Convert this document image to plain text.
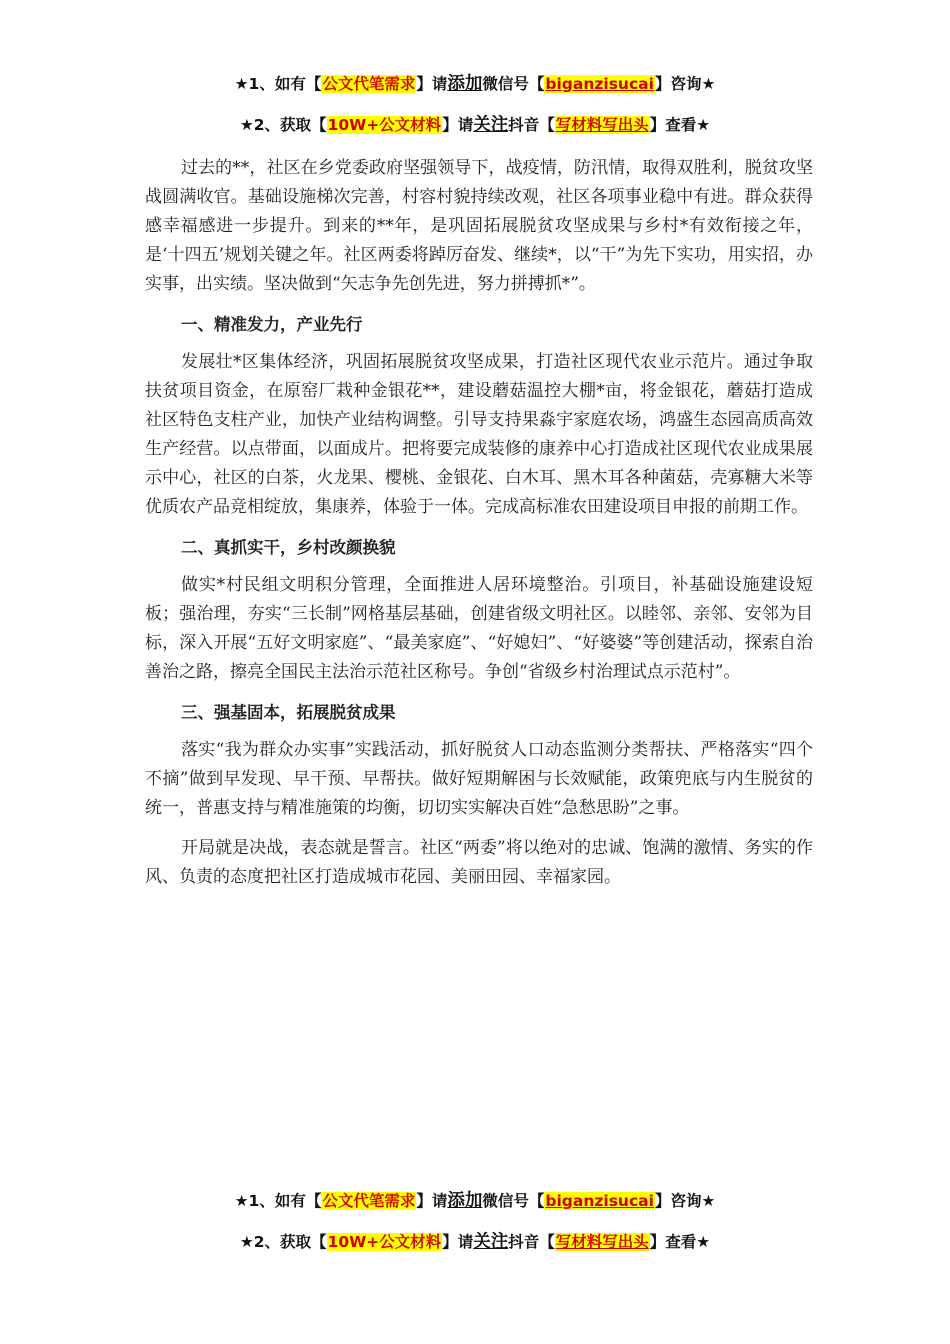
★1、如有【公文代笔需求】请添加微信号【biganzisucai】咨询★
★2、获取【10W+公文材料】请关注抖音【写材料写出头】查看★

过去的**，社区在乡党委政府坚强领导下，战疫情，防汛情，取得双胜利，脱贫攻坚战圆满收官。基础设施梯次完善，村容村貌持续改观，社区各项事业稳中有进。群众获得感幸福感进一步提升。到来的**年，是巩固拓展脱贫攻坚成果与乡村*有效衔接之年，是‘十四五’规划关键之年。社区两委将踔厉奋发、继续*，以“干”为先下实功，用实招，办实事，出实绩。坚决做到“矢志争先创先进，努力拼搏抓*”。

一、精准发力，产业先行

发展壮*区集体经济，巩固拓展脱贫攻坚成果，打造社区现代农业示范片。通过争取扶贫项目资金，在原窑厂栽种金银花**，建设蘑菇温控大棚*亩，将金银花，蘑菇打造成社区特色支柱产业，加快产业结构调整。引导支持果淼宇家庭农场，鸿盛生态园高质高效生产经营。以点带面，以面成片。把将要完成装修的康养中心打造成社区现代农业成果展示中心，社区的白茶，火龙果、樱桃、金银花、白木耳、黑木耳各种菌菇，壳寡糖大米等优质农产品竞相绽放，集康养，体验于一体。完成高标准农田建设项目申报的前期工作。

二、真抓实干，乡村改颜换貌

做实*村民组文明积分管理，全面推进人居环境整治。引项目，补基础设施建设短板；强治理，夯实“三长制”网格基层基础，创建省级文明社区。以睦邻、亲邻、安邻为目标，深入开展“五好文明家庭”、“最美家庭”、“好媳妇”、“好婆婆”等创建活动，探索自治善治之路，擦亮全国民主法治示范社区称号。争创“省级乡村治理试点示范村”。

三、强基固本，拓展脱贫成果

落实“我为群众办实事”实践活动，抓好脱贫人口动态监测分类帮扶、严格落实“四个不摘”做到早发现、早干预、早帮扶。做好短期解困与长效赋能，政策兜底与内生脱贫的统一，普惠支持与精准施策的均衡，切切实实解决百姓“急愁思盼”之事。

开局就是决战，表态就是誓言。社区“两委”将以绝对的忠诚、饱满的激情、务实的作风、负责的态度把社区打造成城市花园、美丽田园、幸福家园。

★1、如有【公文代笔需求】请添加微信号【biganzisucai】咨询★
★2、获取【10W+公文材料】请关注抖音【写材料写出头】查看★
